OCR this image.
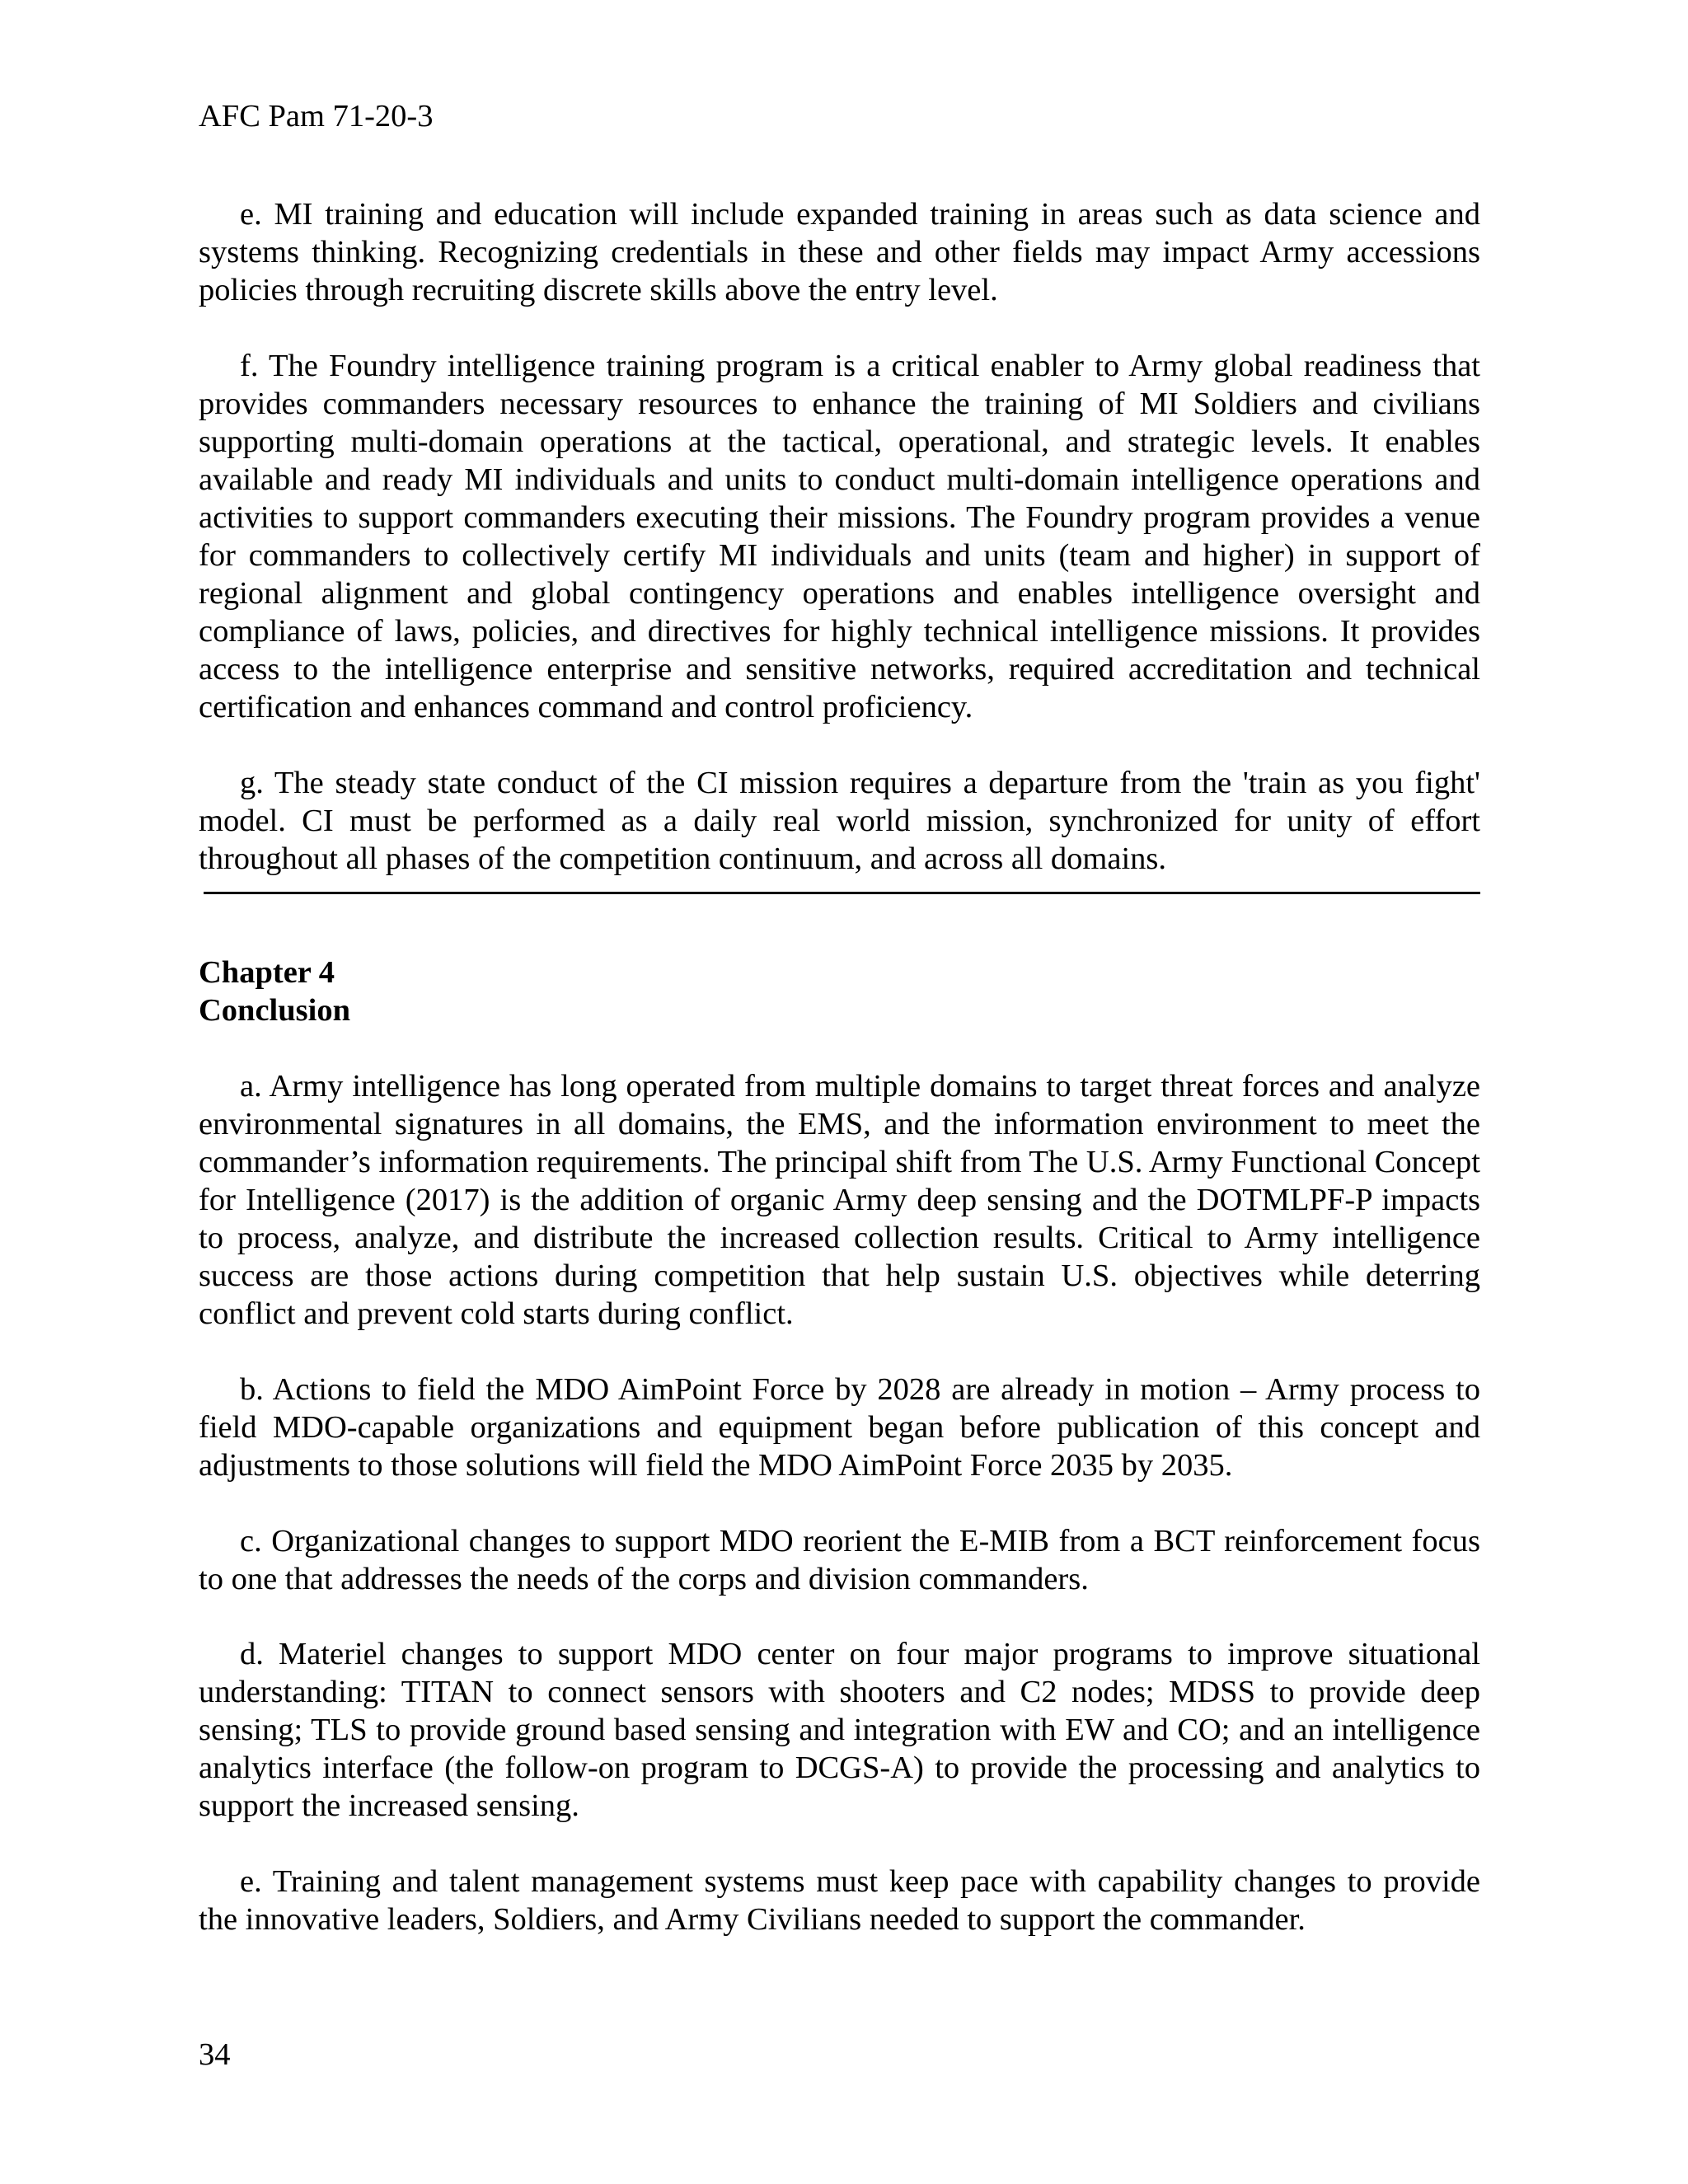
AFC Pam 71-20-3

e. MI training and education will include expanded training in areas such as data science and systems thinking. Recognizing credentials in these and other fields may impact Army accessions policies through recruiting discrete skills above the entry level.

f. The Foundry intelligence training program is a critical enabler to Army global readiness that provides commanders necessary resources to enhance the training of MI Soldiers and civilians supporting multi-domain operations at the tactical, operational, and strategic levels. It enables available and ready MI individuals and units to conduct multi-domain intelligence operations and activities to support commanders executing their missions. The Foundry program provides a venue for commanders to collectively certify MI individuals and units (team and higher) in support of regional alignment and global contingency operations and enables intelligence oversight and compliance of laws, policies, and directives for highly technical intelligence missions. It provides access to the intelligence enterprise and sensitive networks, required accreditation and technical certification and enhances command and control proficiency.

g. The steady state conduct of the CI mission requires a departure from the 'train as you fight' model. CI must be performed as a daily real world mission, synchronized for unity of effort throughout all phases of the competition continuum, and across all domains.

Chapter 4
Conclusion

a. Army intelligence has long operated from multiple domains to target threat forces and analyze environmental signatures in all domains, the EMS, and the information environment to meet the commander’s information requirements. The principal shift from The U.S. Army Functional Concept for Intelligence (2017) is the addition of organic Army deep sensing and the DOTMLPF-P impacts to process, analyze, and distribute the increased collection results. Critical to Army intelligence success are those actions during competition that help sustain U.S. objectives while deterring conflict and prevent cold starts during conflict.

b. Actions to field the MDO AimPoint Force by 2028 are already in motion – Army process to field MDO-capable organizations and equipment began before publication of this concept and adjustments to those solutions will field the MDO AimPoint Force 2035 by 2035.

c. Organizational changes to support MDO reorient the E-MIB from a BCT reinforcement focus to one that addresses the needs of the corps and division commanders.

d. Materiel changes to support MDO center on four major programs to improve situational understanding: TITAN to connect sensors with shooters and C2 nodes; MDSS to provide deep sensing; TLS to provide ground based sensing and integration with EW and CO; and an intelligence analytics interface (the follow-on program to DCGS-A) to provide the processing and analytics to support the increased sensing.

e. Training and talent management systems must keep pace with capability changes to provide the innovative leaders, Soldiers, and Army Civilians needed to support the commander.

34
